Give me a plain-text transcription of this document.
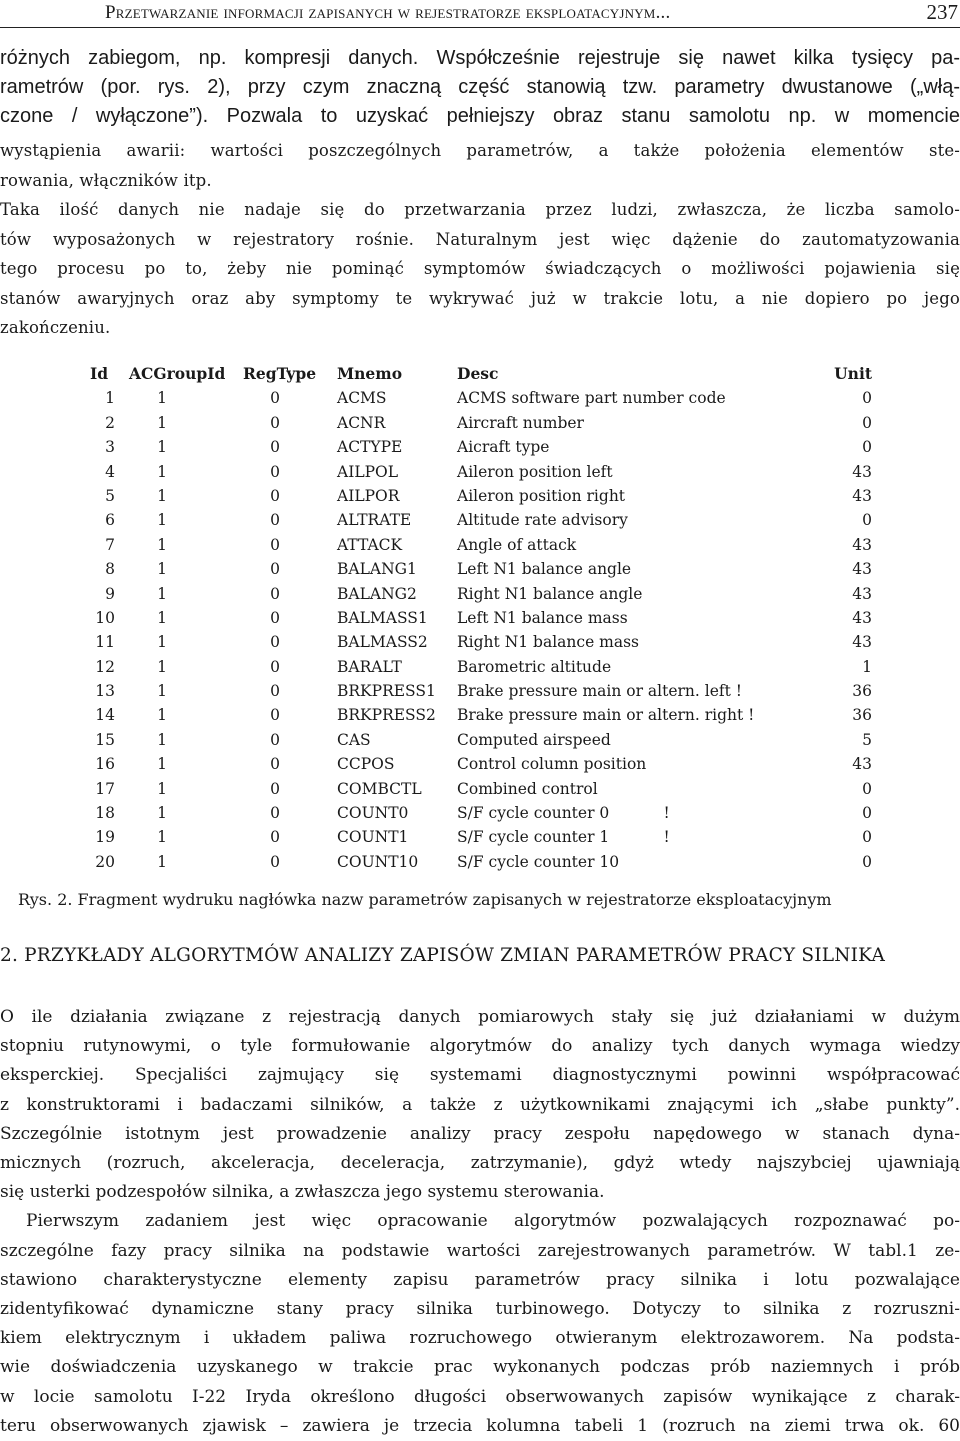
Przetwarzanie informacji zapisanych w rejestratorze eksploatacyjnym...	237
różnych zabiegom, np. kompresji danych. Współcześnie rejestruje się nawet kilka tysięcy pa-
rametrów (por. rys. 2), przy czym znaczną część stanowią tzw. parametry dwustanowe („włą-
czone / wyłączone”). Pozwala to uzyskać pełniejszy obraz stanu samolotu np. w momencie
wystąpienia awarii: wartości poszczególnych parametrów, a także położenia elementów ste-
rowania, włączników itp.
Taka ilość danych nie nadaje się do przetwarzania przez ludzi, zwłaszcza, że liczba samolo-
tów wyposażonych w rejestratory rośnie. Naturalnym jest więc dążenie do zautomatyzowania
tego procesu po to, żeby nie pominąć symptomów świadczących o możliwości pojawienia się
stanów awaryjnych oraz aby symptomy te wykrywać już w trakcie lotu, a nie dopiero po jego
zakończeniu.
Id	ACGroupId RegType Mnemo	Desc	Unit
1	1	0	ACMS	ACMS software part number code	0
2	1	0	ACNR	Aircraft number	0
3	1	0	ACTYPE	Aicraft type	0
4	1	0	AILPOL	Aileron position left	43
5	1	0	AILPOR	Aileron position right	43
6	1	0	ALTRATE	Altitude rate advisory	0
7	1	0	ATTACK	Angle of attack	43
8	1	0	BALANG1	Left N1 balance angle	43
9	1	0	BALANG2	Right N1 balance angle	43
10	1	0	BALMASS1 Left N1 balance mass	43
11	1	0	BALMASS2 Right N1 balance mass	43
12	1	0	BARALT	Barometric altitude	1
13	1	0	BRKPRESS1 Brake pressure main or altern. left !	36
14	1	0	BRKPRESS2 Brake pressure main or altern. right !	36
15	1	0	CAS	Computed airspeed	5
16	1	0	CCPOS	Control column position	43
17	1	0	COMBCTL Combined control	0
18	1	0	COUNT0	S/F cycle counter 0           !	0
19	1	0	COUNT1	S/F cycle counter 1           !	0
20	1	0	COUNT10 S/F cycle counter 10	0
Rys. 2. Fragment wydruku nagłówka nazw parametrów zapisanych w rejestratorze eksploatacyjnym
2. PRZYKŁADY ALGORYTMÓW ANALIZY ZAPISÓW ZMIAN PARAMETRÓW PRACY SILNIKA
O ile działania związane z rejestracją danych pomiarowych stały się już działaniami w dużym
stopniu rutynowymi, o tyle formułowanie algorytmów do analizy tych danych wymaga wiedzy
eksperckiej. Specjaliści zajmujący się systemami diagnostycznymi powinni współpracować
z konstruktorami i badaczami silników, a także z użytkownikami znającymi ich „słabe punkty”.
Szczególnie istotnym jest prowadzenie analizy pracy zespołu napędowego w stanach dyna-
micznych (rozruch, akceleracja, deceleracja, zatrzymanie), gdyż wtedy najszybciej ujawniają
się usterki podzespołów silnika, a zwłaszcza jego systemu sterowania.
Pierwszym zadaniem jest więc opracowanie algorytmów pozwalających rozpoznawać po-
szczególne fazy pracy silnika na podstawie wartości zarejestrowanych parametrów. W tabl.1 ze-
stawiono charakterystyczne elementy zapisu parametrów pracy silnika i lotu pozwalające
zidentyfikować dynamiczne stany pracy silnika turbinowego. Dotyczy to silnika z rozruszni-
kiem elektrycznym i układem paliwa rozruchowego otwieranym elektrozaworem. Na podsta-
wie doświadczenia uzyskanego w trakcie prac wykonanych podczas prób naziemnych i prób
w locie samolotu I-22 Iryda określono długości obserwowanych zapisów wynikające z charak-
teru obserwowanych zjawisk – zawiera je trzecia kolumna tabeli 1 (rozruch na ziemi trwa ok. 60
